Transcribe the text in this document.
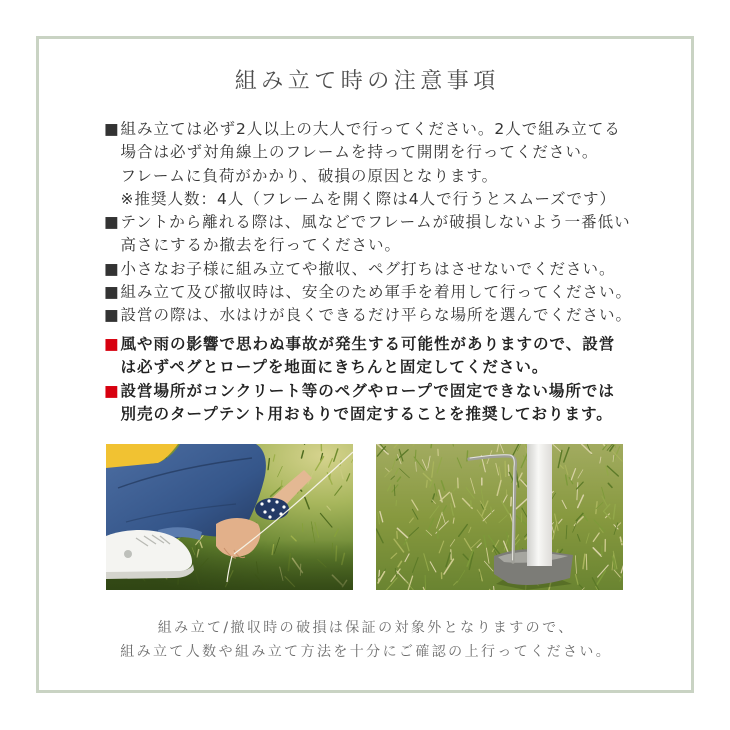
組み立て時の注意事項
■ 組み立ては必ず2人以上の大人で行ってください。2人で組み立てる
場合は必ず対角線上のフレームを持って開閉を行ってください。
フレームに負荷がかかり、破損の原因となります。
※推奨人数：4人（フレームを開く際は4人で行うとスムーズです）
■ テントから離れる際は、風などでフレームが破損しないよう一番低い
高さにするか撤去を行ってください。
■ 小さなお子様に組み立てや撤収、ペグ打ちはさせないでください。
■ 組み立て及び撤収時は、安全のため軍手を着用して行ってください。
■ 設営の際は、水はけが良くできるだけ平らな場所を選んでください。
■ 風や雨の影響で思わぬ事故が発生する可能性がありますので、設営
は必ずペグとロープを地面にきちんと固定してください。
■ 設営場所がコンクリート等のペグやロープで固定できない場所では
別売のタープテント用おもりで固定することを推奨しております。
組み立て/撤収時の破損は保証の対象外となりますので、
組み立て人数や組み立て方法を十分にご確認の上行ってください。
